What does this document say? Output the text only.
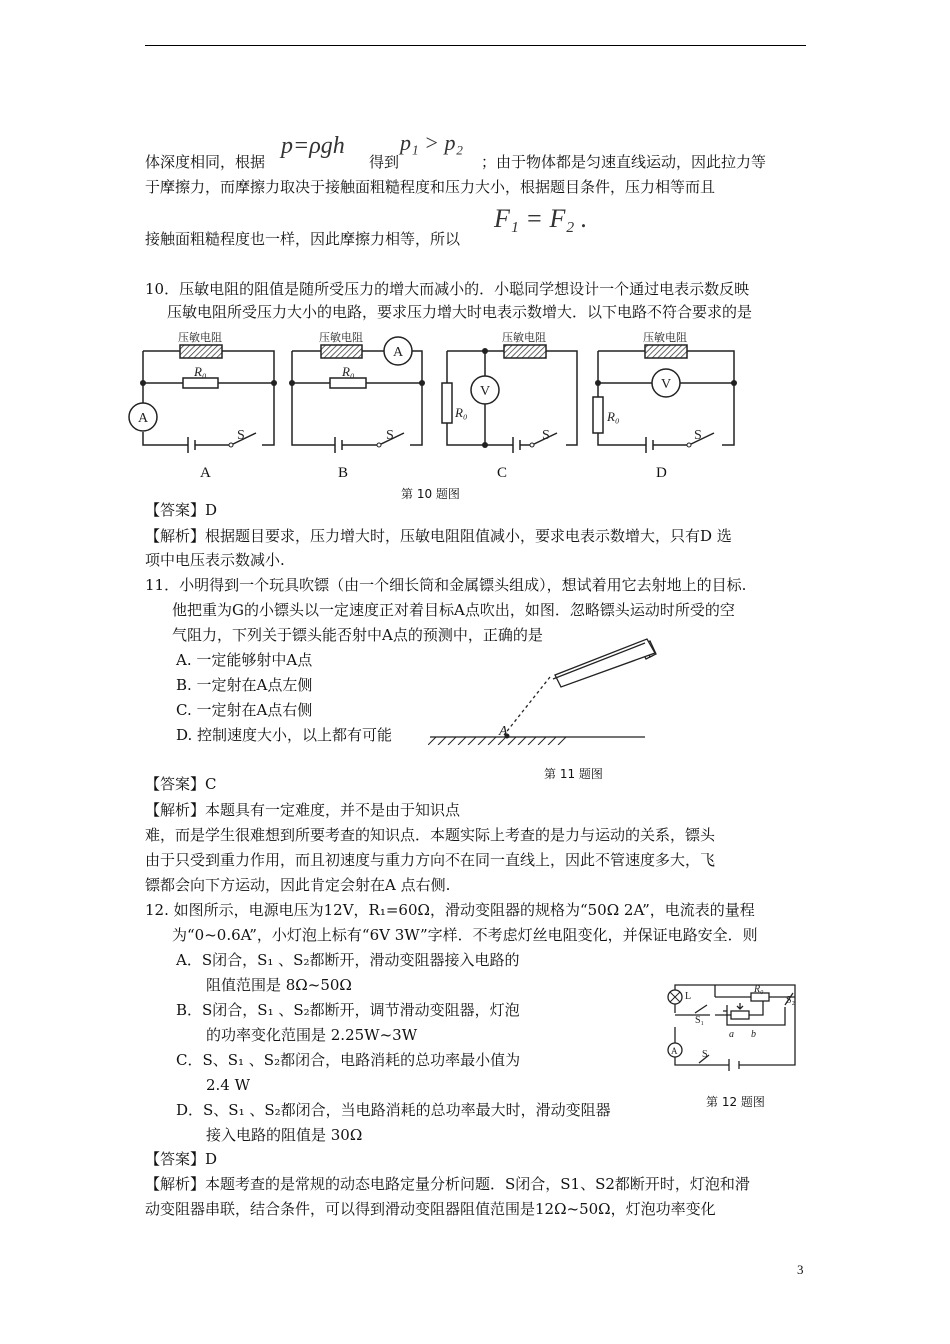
体深度相同，根据
p=ρgh
得到
p₁ > p₂
；由于物体都是匀速直线运动，因此拉力等
于摩擦力，而摩擦力取决于接触面粗糙程度和压力大小，根据题目条件，压力相等而且
接触面粗糙程度也一样，因此摩擦力相等，所以
F₁ = F₂ .
10．压敏电阻的阻值是随所受压力的增大而减小的．小聪同学想设计一个通过电表示数反映
压敏电阻所受压力大小的电路，要求压力增大时电表示数增大．以下电路不符合要求的是
压敏电阻	压敏电阻	压敏电阻	压敏电阻
R₀	R₀
R₀	R₀
S	S	S	S
A
A
V	V
A	B	C	D
第 10 题图
【答案】D
【解析】根据题目要求，压力增大时，压敏电阻阻值减小，要求电表示数增大，只有D 选
项中电压表示数减小.
11．小明得到一个玩具吹镖（由一个细长筒和金属镖头组成），想试着用它去射地上的目标.
他把重为G的小镖头以一定速度正对着目标A点吹出，如图．忽略镖头运动时所受的空
气阻力，下列关于镖头能否射中A点的预测中，正确的是
A. 一定能够射中A点
B. 一定射在A点左侧
C. 一定射在A点右侧
D. 控制速度大小，以上都有可能	A
第 11 题图
【答案】C
【解析】本题具有一定难度，并不是由于知识点
难，而是学生很难想到所要考查的知识点．本题实际上考查的是力与运动的关系，镖头
由于只受到重力作用，而且初速度与重力方向不在同一直线上，因此不管速度多大，飞
镖都会向下方运动，因此肯定会射在A 点右侧.
12. 如图所示，电源电压为12V，R₁=60Ω，滑动变阻器的规格为“50Ω 2A”，电流表的量程
为“0~0.6A”，小灯泡上标有“6V 3W”字样．不考虑灯丝电阻变化，并保证电路安全．则
A．S闭合，S₁ 、S₂都断开，滑动变阻器接入电路的
阻值范围是 8Ω~50Ω
B．S闭合，S₁ 、S₂都断开，调节滑动变阻器，灯泡
的功率变化范围是 2.25W~3W
C．S、S₁ 、S₂都闭合，电路消耗的总功率最小值为
2.4 W
D．S、S₁ 、S₂都闭合，当电路消耗的总功率最大时，滑动变阻器
接入电路的阻值是 30Ω
L
R₀
S₂
S₁
S
A
a b
第 12 题图
【答案】D
【解析】本题考查的是常规的动态电路定量分析问题．S闭合，S1、S2都断开时，灯泡和滑
动变阻器串联，结合条件，可以得到滑动变阻器阻值范围是12Ω~50Ω，灯泡功率变化
3
